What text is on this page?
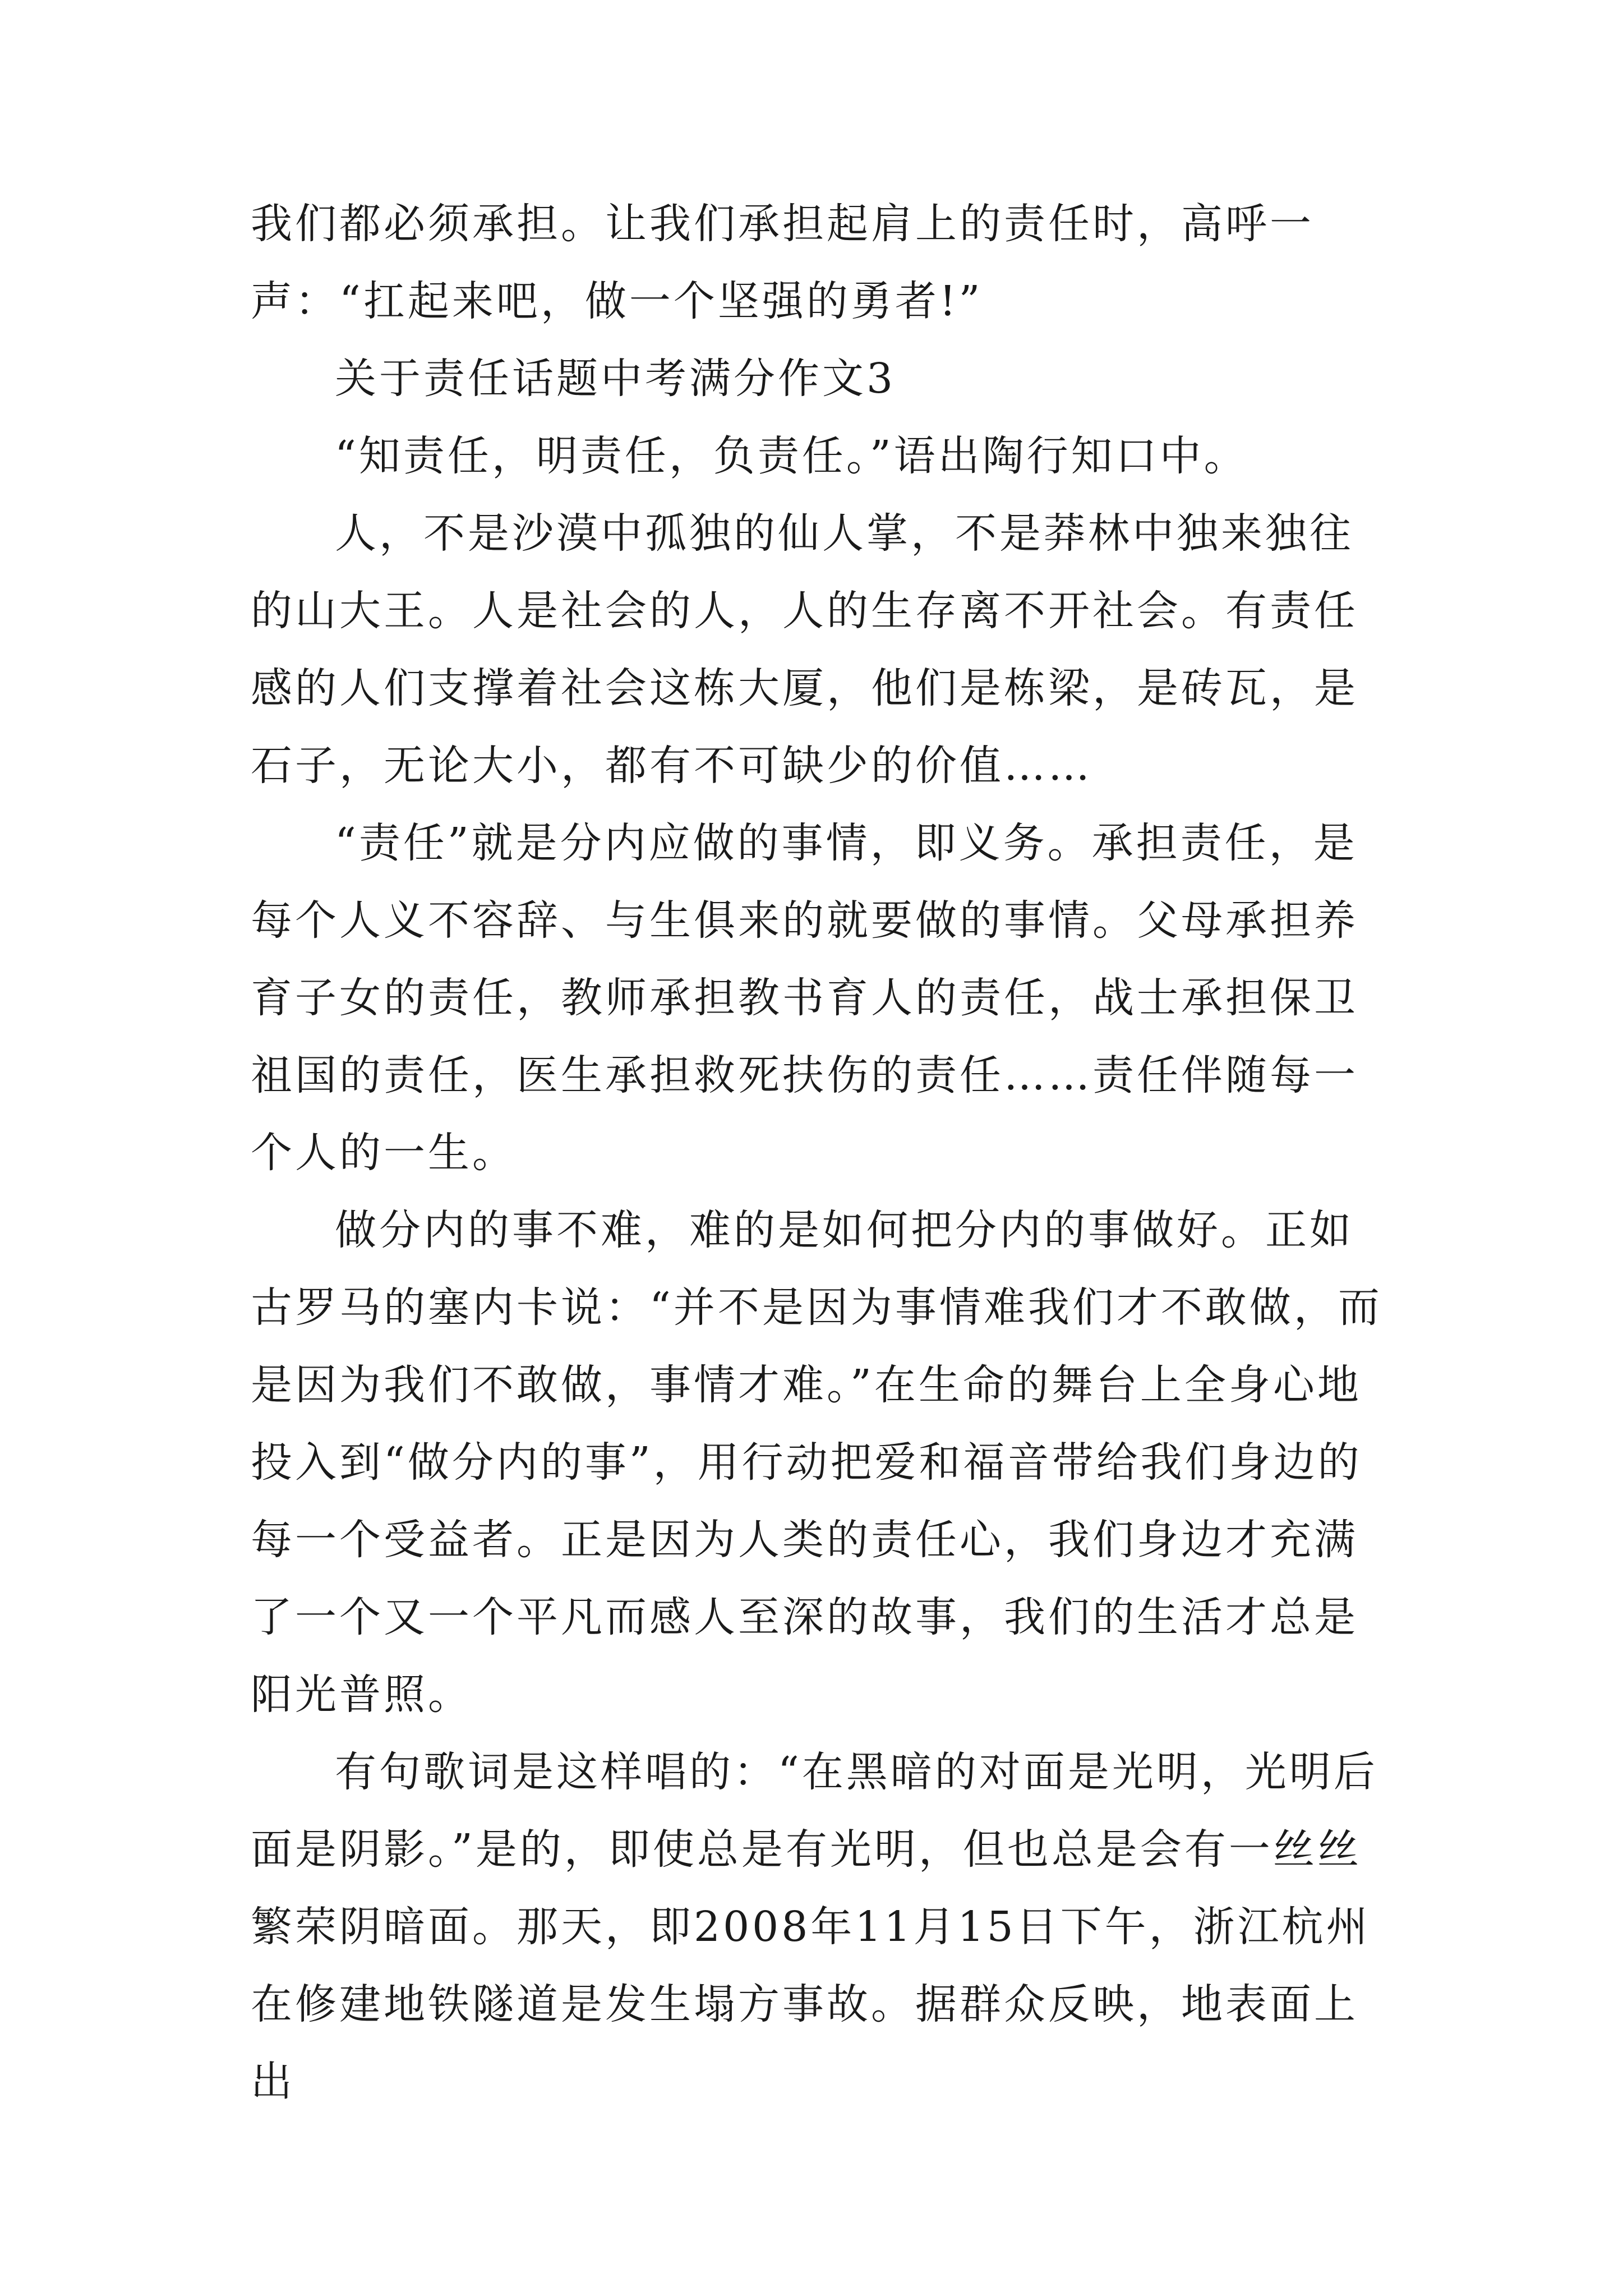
我们都必须承担。让我们承担起肩上的责任时，高呼一声：“扛起来吧，做一个坚强的勇者!”

关于责任话题中考满分作文3

“知责任，明责任，负责任。”语出陶行知口中。

人，不是沙漠中孤独的仙人掌，不是莽林中独来独往的山大王。人是社会的人，人的生存离不开社会。有责任感的人们支撑着社会这栋大厦，他们是栋梁，是砖瓦，是石子，无论大小，都有不可缺少的价值……

“责任”就是分内应做的事情，即义务。承担责任，是每个人义不容辞、与生俱来的就要做的事情。父母承担养育子女的责任，教师承担教书育人的责任，战士承担保卫祖国的责任，医生承担救死扶伤的责任……责任伴随每一个人的一生。

做分内的事不难，难的是如何把分内的事做好。正如古罗马的塞内卡说：“并不是因为事情难我们才不敢做，而是因为我们不敢做，事情才难。”在生命的舞台上全身心地投入到“做分内的事”，用行动把爱和福音带给我们身边的每一个受益者。正是因为人类的责任心，我们身边才充满了一个又一个平凡而感人至深的故事，我们的生活才总是阳光普照。

有句歌词是这样唱的：“在黑暗的对面是光明，光明后面是阴影。”是的，即使总是有光明，但也总是会有一丝丝繁荣阴暗面。那天，即2008年11月15日下午，浙江杭州在修建地铁隧道是发生塌方事故。据群众反映，地表面上出
